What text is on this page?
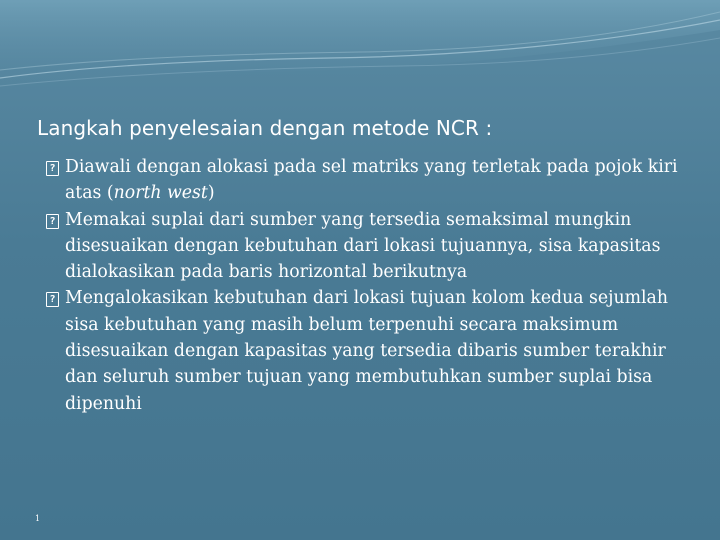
Langkah penyelesaian dengan metode NCR :

?
Diawali dengan alokasi pada sel matriks yang terletak pada pojok kiri atas (north west)

?
Memakai suplai dari sumber yang tersedia semaksimal mungkin disesuaikan dengan kebutuhan dari lokasi tujuannya, sisa kapasitas dialokasikan pada baris horizontal berikutnya

?
Mengalokasikan kebutuhan dari lokasi tujuan kolom kedua sejumlah sisa kebutuhan yang masih belum terpenuhi secara maksimum disesuaikan dengan kapasitas yang tersedia dibaris sumber terakhir dan seluruh sumber tujuan yang membutuhkan sumber suplai bisa dipenuhi

1
